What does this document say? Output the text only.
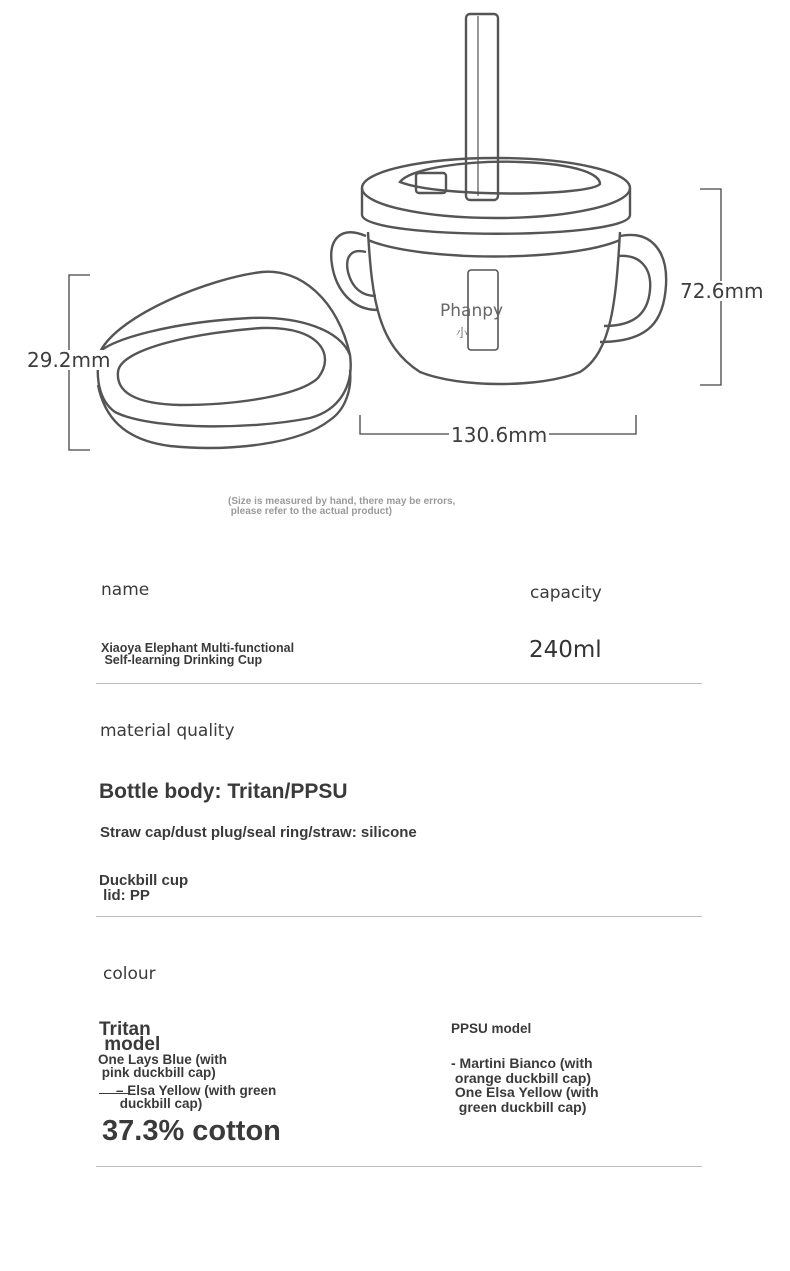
Phanpy
小
72.6mm
29.2mm
130.6mm
(Size is measured by hand, there may be errors,
please refer to the actual product)
name	capacity
Xiaoya Elephant Multi-functional
Self-learning Drinking Cup	240ml
material quality
Bottle body: Tritan/PPSU
Straw cap/dust plug/seal ring/straw: silicone
Duckbill cup
lid: PP
colour
Tritan
model
One Lays Blue (with
pink duckbill cap)
– Elsa Yellow (with green
duckbill cap)
37.3% cotton
PPSU model
- Martini Bianco (with
orange duckbill cap)
One Elsa Yellow (with
green duckbill cap)
